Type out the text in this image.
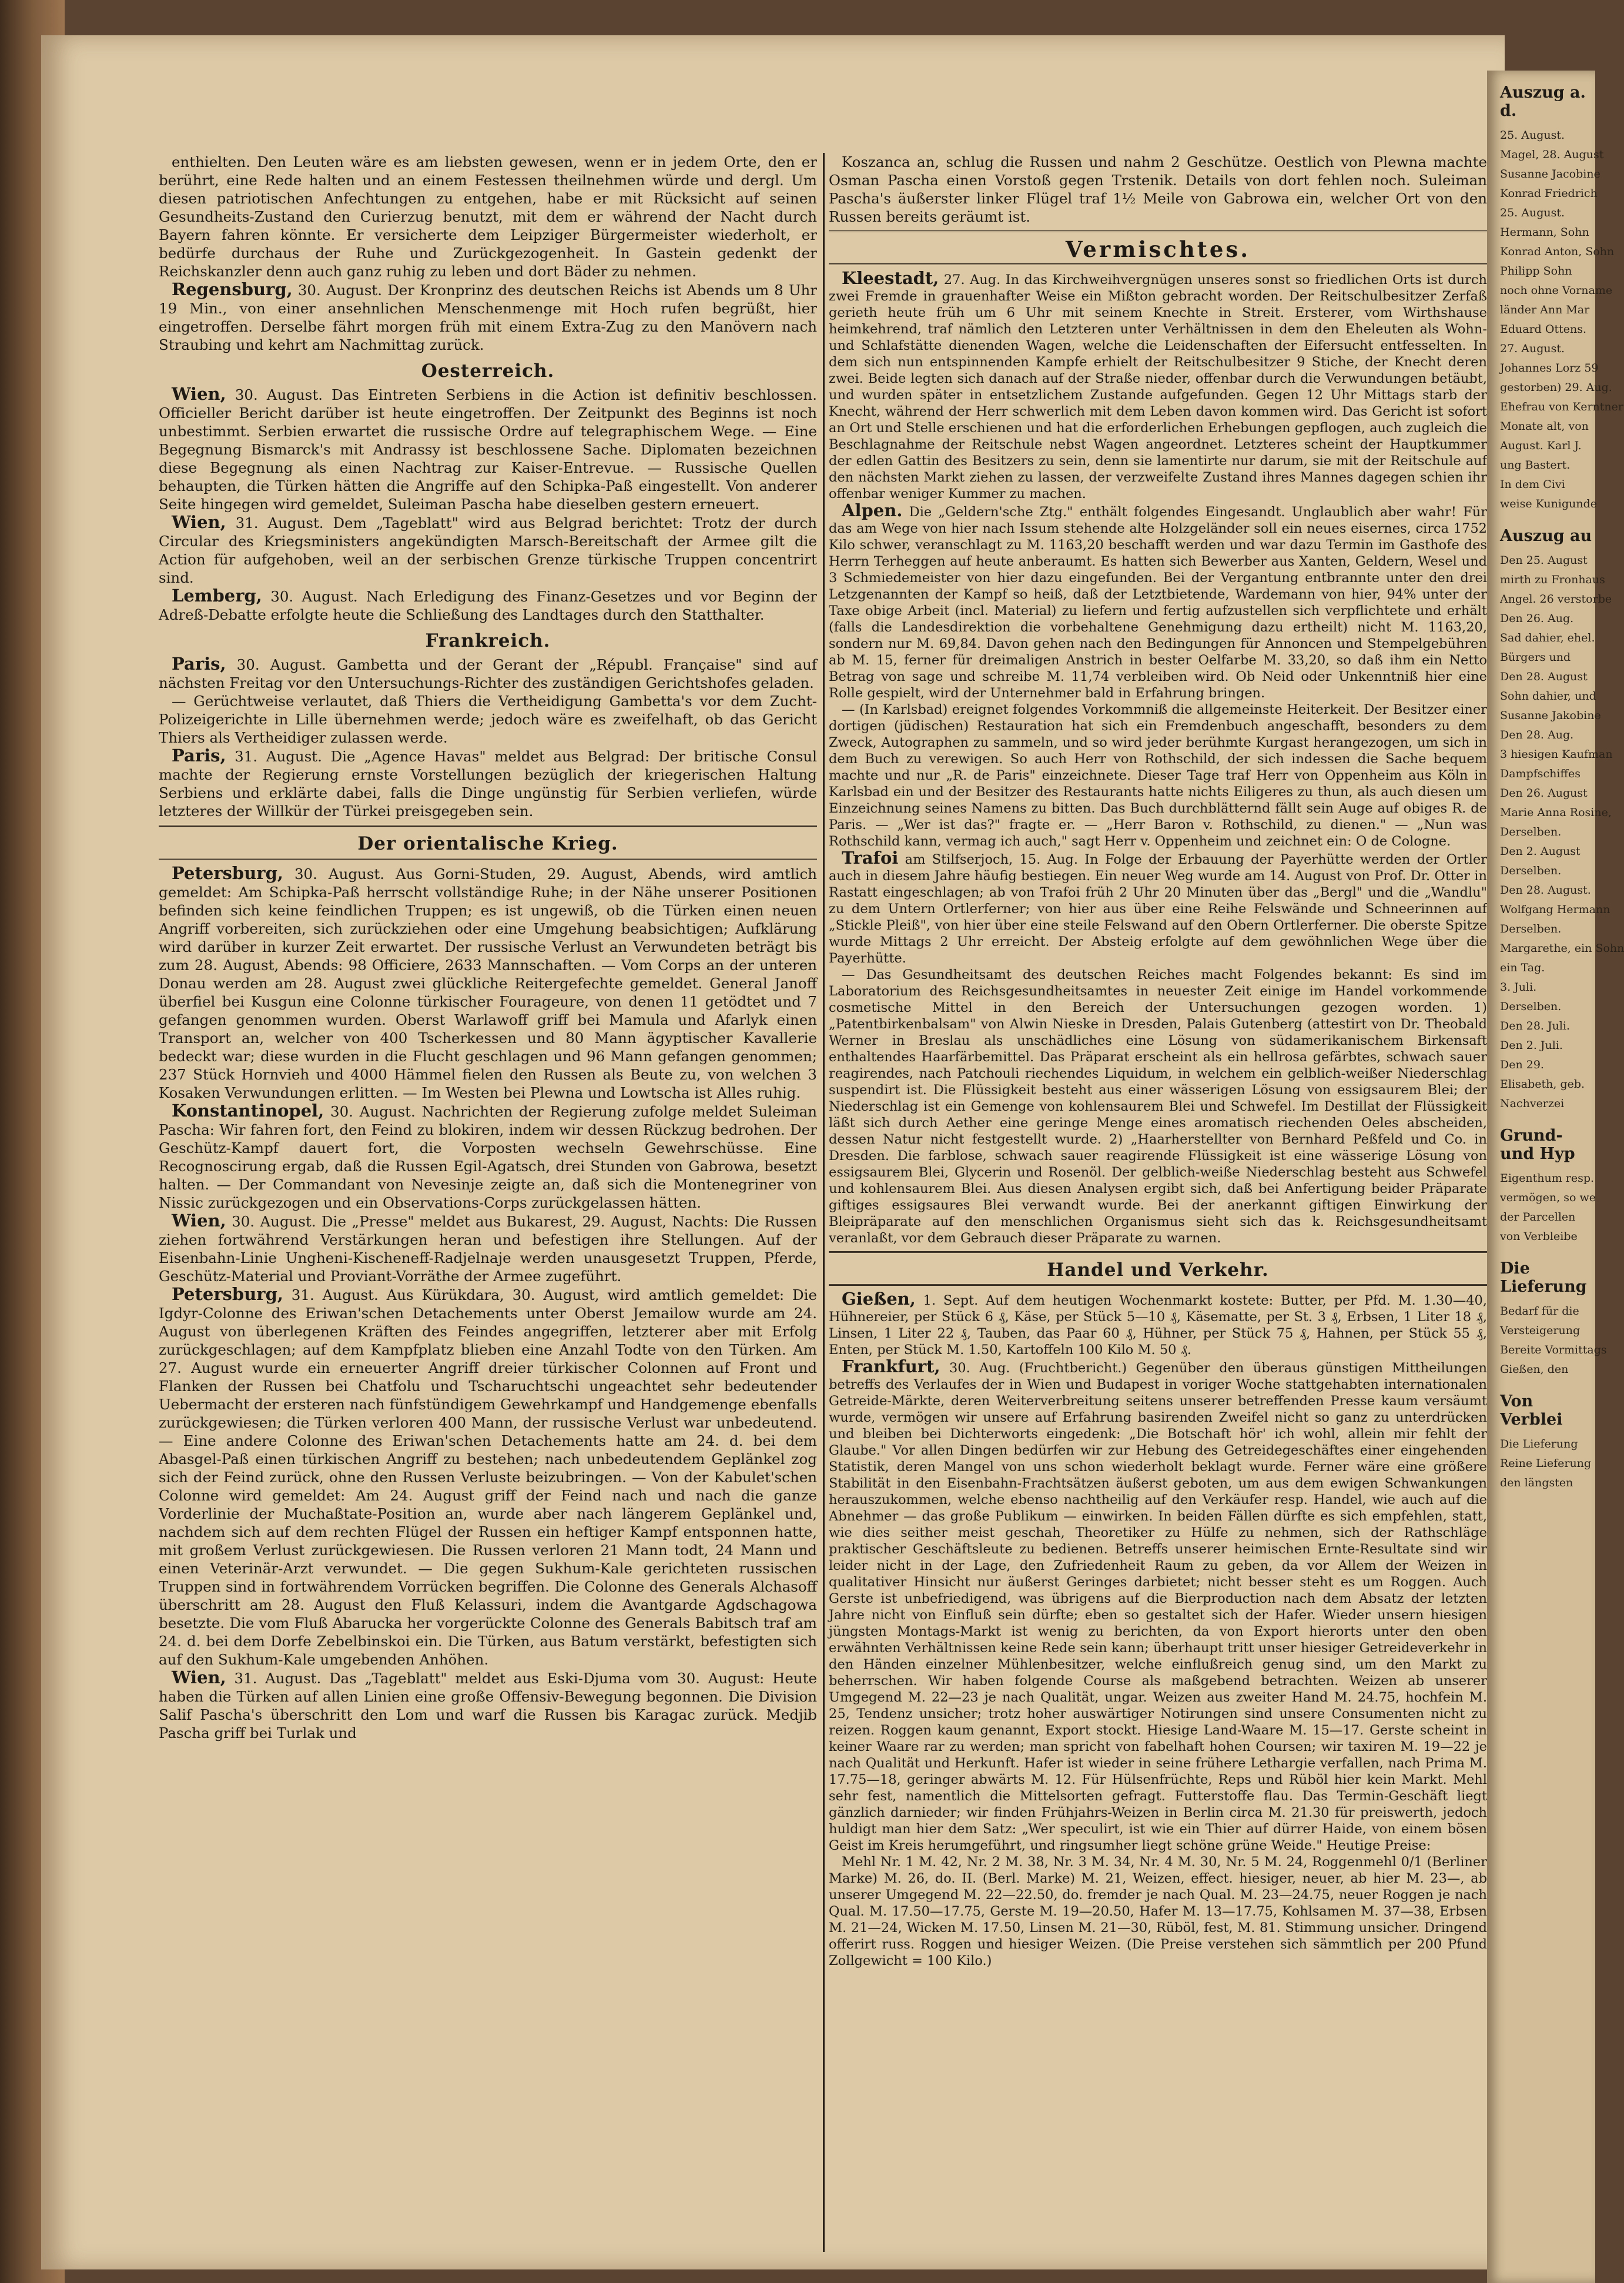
enthielten. Den Leuten wäre es am liebsten gewesen, wenn er in jedem Orte, den er berührt, eine Rede halten und an einem Festessen theilnehmen würde und dergl. Um diesen patriotischen Anfechtungen zu entgehen, habe er mit Rücksicht auf seinen Gesundheits-Zustand den Curierzug benutzt, mit dem er während der Nacht durch Bayern fahren könnte. Er versicherte dem Leipziger Bürgermeister wiederholt, er bedürfe durchaus der Ruhe und Zurückgezogenheit. In Gastein gedenkt der Reichskanzler denn auch ganz ruhig zu leben und dort Bäder zu nehmen.

Regensburg, 30. August. Der Kronprinz des deutschen Reichs ist Abends um 8 Uhr 19 Min., von einer ansehnlichen Menschenmenge mit Hoch rufen begrüßt, hier eingetroffen. Derselbe fährt morgen früh mit einem Extra-Zug zu den Manövern nach Straubing und kehrt am Nachmittag zurück.

Oesterreich.

Wien, 30. August. Das Eintreten Serbiens in die Action ist definitiv beschlossen. Officieller Bericht darüber ist heute eingetroffen. Der Zeitpunkt des Beginns ist noch unbestimmt. Serbien erwartet die russische Ordre auf telegraphischem Wege. — Eine Begegnung Bismarck's mit Andrassy ist beschlossene Sache. Diplomaten bezeichnen diese Begegnung als einen Nachtrag zur Kaiser-Entrevue. — Russische Quellen behaupten, die Türken hätten die Angriffe auf den Schipka-Paß eingestellt. Von anderer Seite hingegen wird gemeldet, Suleiman Pascha habe dieselben gestern erneuert.

Wien, 31. August. Dem „Tageblatt" wird aus Belgrad berichtet: Trotz der durch Circular des Kriegsministers angekündigten Marsch-Bereitschaft der Armee gilt die Action für aufgehoben, weil an der serbischen Grenze türkische Truppen concentrirt sind.

Lemberg, 30. August. Nach Erledigung des Finanz-Gesetzes und vor Beginn der Adreß-Debatte erfolgte heute die Schließung des Landtages durch den Statthalter.

Frankreich.

Paris, 30. August. Gambetta und der Gerant der „Républ. Française" sind auf nächsten Freitag vor den Untersuchungs-Richter des zuständigen Gerichtshofes geladen.

— Gerüchtweise verlautet, daß Thiers die Vertheidigung Gambetta's vor dem Zucht-Polizeigerichte in Lille übernehmen werde; jedoch wäre es zweifelhaft, ob das Gericht Thiers als Vertheidiger zulassen werde.

Paris, 31. August. Die „Agence Havas" meldet aus Belgrad: Der britische Consul machte der Regierung ernste Vorstellungen bezüglich der kriegerischen Haltung Serbiens und erklärte dabei, falls die Dinge ungünstig für Serbien verliefen, würde letzteres der Willkür der Türkei preisgegeben sein.

Der orientalische Krieg.

Petersburg, 30. August. Aus Gorni-Studen, 29. August, Abends, wird amtlich gemeldet: Am Schipka-Paß herrscht vollständige Ruhe; in der Nähe unserer Positionen befinden sich keine feindlichen Truppen; es ist ungewiß, ob die Türken einen neuen Angriff vorbereiten, sich zurückziehen oder eine Umgehung beabsichtigen; Aufklärung wird darüber in kurzer Zeit erwartet. Der russische Verlust an Verwundeten beträgt bis zum 28. August, Abends: 98 Officiere, 2633 Mannschaften. — Vom Corps an der unteren Donau werden am 28. August zwei glückliche Reitergefechte gemeldet. General Janoff überfiel bei Kusgun eine Colonne türkischer Fourageure, von denen 11 getödtet und 7 gefangen genommen wurden. Oberst Warlawoff griff bei Mamula und Afarlyk einen Transport an, welcher von 400 Tscherkessen und 80 Mann ägyptischer Kavallerie bedeckt war; diese wurden in die Flucht geschlagen und 96 Mann gefangen genommen; 237 Stück Hornvieh und 4000 Hämmel fielen den Russen als Beute zu, von welchen 3 Kosaken Verwundungen erlitten. — Im Westen bei Plewna und Lowtscha ist Alles ruhig.

Konstantinopel, 30. August. Nachrichten der Regierung zufolge meldet Suleiman Pascha: Wir fahren fort, den Feind zu blokiren, indem wir dessen Rückzug bedrohen. Der Geschütz-Kampf dauert fort, die Vorposten wechseln Gewehrschüsse. Eine Recognoscirung ergab, daß die Russen Egil-Agatsch, drei Stunden von Gabrowa, besetzt halten. — Der Commandant von Nevesinje zeigte an, daß sich die Montenegriner von Nissic zurückgezogen und ein Observations-Corps zurückgelassen hätten.

Wien, 30. August. Die „Presse" meldet aus Bukarest, 29. August, Nachts: Die Russen ziehen fortwährend Verstärkungen heran und befestigen ihre Stellungen. Auf der Eisenbahn-Linie Ungheni-Kischeneff-Radjelnaje werden unausgesetzt Truppen, Pferde, Geschütz-Material und Proviant-Vorräthe der Armee zugeführt.

Petersburg, 31. August. Aus Kürükdara, 30. August, wird amtlich gemeldet: Die Igdyr-Colonne des Eriwan'schen Detachements unter Oberst Jemailow wurde am 24. August von überlegenen Kräften des Feindes angegriffen, letzterer aber mit Erfolg zurückgeschlagen; auf dem Kampfplatz blieben eine Anzahl Todte von den Türken. Am 27. August wurde ein erneuerter Angriff dreier türkischer Colonnen auf Front und Flanken der Russen bei Chatfolu und Tscharuchtschi ungeachtet sehr bedeutender Uebermacht der ersteren nach fünfstündigem Gewehrkampf und Handgemenge ebenfalls zurückgewiesen; die Türken verloren 400 Mann, der russische Verlust war unbedeutend. — Eine andere Colonne des Eriwan'schen Detachements hatte am 24. d. bei dem Abasgel-Paß einen türkischen Angriff zu bestehen; nach unbedeutendem Geplänkel zog sich der Feind zurück, ohne den Russen Verluste beizubringen. — Von der Kabulet'schen Colonne wird gemeldet: Am 24. August griff der Feind nach und nach die ganze Vorderlinie der Muchaßtate-Position an, wurde aber nach längerem Geplänkel und, nachdem sich auf dem rechten Flügel der Russen ein heftiger Kampf entsponnen hatte, mit großem Verlust zurückgewiesen. Die Russen verloren 21 Mann todt, 24 Mann und einen Veterinär-Arzt verwundet. — Die gegen Sukhum-Kale gerichteten russischen Truppen sind in fortwährendem Vorrücken begriffen. Die Colonne des Generals Alchasoff überschritt am 28. August den Fluß Kelassuri, indem die Avantgarde Agdschagowa besetzte. Die vom Fluß Abarucka her vorgerückte Colonne des Generals Babitsch traf am 24. d. bei dem Dorfe Zebelbinskoi ein. Die Türken, aus Batum verstärkt, befestigten sich auf den Sukhum-Kale umgebenden Anhöhen.

Wien, 31. August. Das „Tageblatt" meldet aus Eski-Djuma vom 30. August: Heute haben die Türken auf allen Linien eine große Offensiv-Bewegung begonnen. Die Division Salif Pascha's überschritt den Lom und warf die Russen bis Karagac zurück. Medjib Pascha griff bei Turlak und

Koszanca an, schlug die Russen und nahm 2 Geschütze. Oestlich von Plewna machte Osman Pascha einen Vorstoß gegen Trstenik. Details von dort fehlen noch. Suleiman Pascha's äußerster linker Flügel traf 1½ Meile von Gabrowa ein, welcher Ort von den Russen bereits geräumt ist.

Vermischtes.

Kleestadt, 27. Aug. In das Kirchweihvergnügen unseres sonst so friedlichen Orts ist durch zwei Fremde in grauenhafter Weise ein Mißton gebracht worden. Der Reitschulbesitzer Zerfaß gerieth heute früh um 6 Uhr mit seinem Knechte in Streit. Ersterer, vom Wirthshause heimkehrend, traf nämlich den Letzteren unter Verhältnissen in dem den Eheleuten als Wohn- und Schlafstätte dienenden Wagen, welche die Leidenschaften der Eifersucht entfesselten. In dem sich nun entspinnenden Kampfe erhielt der Reitschulbesitzer 9 Stiche, der Knecht deren zwei. Beide legten sich danach auf der Straße nieder, offenbar durch die Verwundungen betäubt, und wurden später in entsetzlichem Zustande aufgefunden. Gegen 12 Uhr Mittags starb der Knecht, während der Herr schwerlich mit dem Leben davon kommen wird. Das Gericht ist sofort an Ort und Stelle erschienen und hat die erforderlichen Erhebungen gepflogen, auch zugleich die Beschlagnahme der Reitschule nebst Wagen angeordnet. Letzteres scheint der Hauptkummer der edlen Gattin des Besitzers zu sein, denn sie lamentirte nur darum, sie mit der Reitschule auf den nächsten Markt ziehen zu lassen, der verzweifelte Zustand ihres Mannes dagegen schien ihr offenbar weniger Kummer zu machen.

Alpen. Die „Geldern'sche Ztg." enthält folgendes Eingesandt. Unglaublich aber wahr! Für das am Wege von hier nach Issum stehende alte Holzgeländer soll ein neues eisernes, circa 1752 Kilo schwer, veranschlagt zu M. 1163,20 beschafft werden und war dazu Termin im Gasthofe des Herrn Terheggen auf heute anberaumt. Es hatten sich Bewerber aus Xanten, Geldern, Wesel und 3 Schmiedemeister von hier dazu eingefunden. Bei der Vergantung entbrannte unter den drei Letzgenannten der Kampf so heiß, daß der Letztbietende, Wardemann von hier, 94% unter der Taxe obige Arbeit (incl. Material) zu liefern und fertig aufzustellen sich verpflichtete und erhält (falls die Landesdirektion die vorbehaltene Genehmigung dazu ertheilt) nicht M. 1163,20, sondern nur M. 69,84. Davon gehen nach den Bedingungen für Annoncen und Stempelgebühren ab M. 15, ferner für dreimaligen Anstrich in bester Oelfarbe M. 33,20, so daß ihm ein Netto Betrag von sage und schreibe M. 11,74 verbleiben wird. Ob Neid oder Unkenntniß hier eine Rolle gespielt, wird der Unternehmer bald in Erfahrung bringen.

— (In Karlsbad) ereignet folgendes Vorkommniß die allgemeinste Heiterkeit. Der Besitzer einer dortigen (jüdischen) Restauration hat sich ein Fremdenbuch angeschafft, besonders zu dem Zweck, Autographen zu sammeln, und so wird jeder berühmte Kurgast herangezogen, um sich in dem Buch zu verewigen. So auch Herr von Rothschild, der sich indessen die Sache bequem machte und nur „R. de Paris" einzeichnete. Dieser Tage traf Herr von Oppenheim aus Köln in Karlsbad ein und der Besitzer des Restaurants hatte nichts Eiligeres zu thun, als auch diesen um Einzeichnung seines Namens zu bitten. Das Buch durchblätternd fällt sein Auge auf obiges R. de Paris. — „Wer ist das?" fragte er. — „Herr Baron v. Rothschild, zu dienen." — „Nun was Rothschild kann, vermag ich auch," sagt Herr v. Oppenheim und zeichnet ein: O de Cologne.

Trafoi am Stilfserjoch, 15. Aug. In Folge der Erbauung der Payerhütte werden der Ortler auch in diesem Jahre häufig bestiegen. Ein neuer Weg wurde am 14. August von Prof. Dr. Otter in Rastatt eingeschlagen; ab von Trafoi früh 2 Uhr 20 Minuten über das „Bergl" und die „Wandlu" zu dem Untern Ortlerferner; von hier aus über eine Reihe Felswände und Schneerinnen auf „Stickle Pleiß", von hier über eine steile Felswand auf den Obern Ortlerferner. Die oberste Spitze wurde Mittags 2 Uhr erreicht. Der Absteig erfolgte auf dem gewöhnlichen Wege über die Payerhütte.

— Das Gesundheitsamt des deutschen Reiches macht Folgendes bekannt: Es sind im Laboratorium des Reichsgesundheitsamtes in neuester Zeit einige im Handel vorkommende cosmetische Mittel in den Bereich der Untersuchungen gezogen worden. 1) „Patentbirkenbalsam" von Alwin Nieske in Dresden, Palais Gutenberg (attestirt von Dr. Theobald Werner in Breslau als unschädliches eine Lösung von südamerikanischem Birkensaft enthaltendes Haarfärbemittel. Das Präparat erscheint als ein hellrosa gefärbtes, schwach sauer reagirendes, nach Patchouli riechendes Liquidum, in welchem ein gelblich-weißer Niederschlag suspendirt ist. Die Flüssigkeit besteht aus einer wässerigen Lösung von essigsaurem Blei; der Niederschlag ist ein Gemenge von kohlensaurem Blei und Schwefel. Im Destillat der Flüssigkeit läßt sich durch Aether eine geringe Menge eines aromatisch riechenden Oeles abscheiden, dessen Natur nicht festgestellt wurde. 2) „Haarherstellter von Bernhard Peßfeld und Co. in Dresden. Die farblose, schwach sauer reagirende Flüssigkeit ist eine wässerige Lösung von essigsaurem Blei, Glycerin und Rosenöl. Der gelblich-weiße Niederschlag besteht aus Schwefel und kohlensaurem Blei. Aus diesen Analysen ergibt sich, daß bei Anfertigung beider Präparate giftiges essigsaures Blei verwandt wurde. Bei der anerkannt giftigen Einwirkung der Bleipräparate auf den menschlichen Organismus sieht sich das k. Reichsgesundheitsamt veranlaßt, vor dem Gebrauch dieser Präparate zu warnen.

Handel und Verkehr.

Gießen, 1. Sept. Auf dem heutigen Wochenmarkt kostete: Butter, per Pfd. M. 1.30—40, Hühnereier, per Stück 6 ₰, Käse, per Stück 5—10 ₰, Käsematte, per St. 3 ₰, Erbsen, 1 Liter 18 ₰, Linsen, 1 Liter 22 ₰, Tauben, das Paar 60 ₰, Hühner, per Stück 75 ₰, Hahnen, per Stück 55 ₰, Enten, per Stück M. 1.50, Kartoffeln 100 Kilo M. 50 ₰.

Frankfurt, 30. Aug. (Fruchtbericht.) Gegenüber den überaus günstigen Mittheilungen betreffs des Verlaufes der in Wien und Budapest in voriger Woche stattgehabten internationalen Getreide-Märkte, deren Weiterverbreitung seitens unserer betreffenden Presse kaum versäumt wurde, vermögen wir unsere auf Erfahrung basirenden Zweifel nicht so ganz zu unterdrücken und bleiben bei Dichterworts eingedenk: „Die Botschaft hör' ich wohl, allein mir fehlt der Glaube." Vor allen Dingen bedürfen wir zur Hebung des Getreidegeschäftes einer eingehenden Statistik, deren Mangel von uns schon wiederholt beklagt wurde. Ferner wäre eine größere Stabilität in den Eisenbahn-Frachtsätzen äußerst geboten, um aus dem ewigen Schwankungen herauszukommen, welche ebenso nachtheilig auf den Verkäufer resp. Handel, wie auch auf die Abnehmer — das große Publikum — einwirken. In beiden Fällen dürfte es sich empfehlen, statt, wie dies seither meist geschah, Theoretiker zu Hülfe zu nehmen, sich der Rathschläge praktischer Geschäftsleute zu bedienen. Betreffs unserer heimischen Ernte-Resultate sind wir leider nicht in der Lage, den Zufriedenheit Raum zu geben, da vor Allem der Weizen in qualitativer Hinsicht nur äußerst Geringes darbietet; nicht besser steht es um Roggen. Auch Gerste ist unbefriedigend, was übrigens auf die Bierproduction nach dem Absatz der letzten Jahre nicht von Einfluß sein dürfte; eben so gestaltet sich der Hafer. Wieder unsern hiesigen jüngsten Montags-Markt ist wenig zu berichten, da von Export hierorts unter den oben erwähnten Verhältnissen keine Rede sein kann; überhaupt tritt unser hiesiger Getreideverkehr in den Händen einzelner Mühlenbesitzer, welche einflußreich genug sind, um den Markt zu beherrschen. Wir haben folgende Course als maßgebend betrachten. Weizen ab unserer Umgegend M. 22—23 je nach Qualität, ungar. Weizen aus zweiter Hand M. 24.75, hochfein M. 25, Tendenz unsicher; trotz hoher auswärtiger Notirungen sind unsere Consumenten nicht zu reizen. Roggen kaum genannt, Export stockt. Hiesige Land-Waare M. 15—17. Gerste scheint in keiner Waare rar zu werden; man spricht von fabelhaft hohen Coursen; wir taxiren M. 19—22 je nach Qualität und Herkunft. Hafer ist wieder in seine frühere Lethargie verfallen, nach Prima M. 17.75—18, geringer abwärts M. 12. Für Hülsenfrüchte, Reps und Rüböl hier kein Markt. Mehl sehr fest, namentlich die Mittelsorten gefragt. Futterstoffe flau. Das Termin-Geschäft liegt gänzlich darnieder; wir finden Frühjahrs-Weizen in Berlin circa M. 21.30 für preiswerth, jedoch huldigt man hier dem Satz: „Wer speculirt, ist wie ein Thier auf dürrer Haide, von einem bösen Geist im Kreis herumgeführt, und ringsumher liegt schöne grüne Weide." Heutige Preise:

Mehl Nr. 1 M. 42, Nr. 2 M. 38, Nr. 3 M. 34, Nr. 4 M. 30, Nr. 5 M. 24, Roggenmehl 0/1 (Berliner Marke) M. 26, do. II. (Berl. Marke) M. 21, Weizen, effect. hiesiger, neuer, ab hier M. 23—, ab unserer Umgegend M. 22—22.50, do. fremder je nach Qual. M. 23—24.75, neuer Roggen je nach Qual. M. 17.50—17.75, Gerste M. 19—20.50, Hafer M. 13—17.75, Kohlsamen M. 37—38, Erbsen M. 21—24, Wicken M. 17.50, Linsen M. 21—30, Rüböl, fest, M. 81. Stimmung unsicher. Dringend offerirt russ. Roggen und hiesiger Weizen. (Die Preise verstehen sich sämmtlich per 200 Pfund Zollgewicht = 100 Kilo.)

Auszug a. d.
25. August.
Magel, 28. August
Susanne Jacobine
Konrad Friedrich
25. August.
Hermann, Sohn
Konrad Anton, Sohn
Philipp Sohn
noch ohne Vorname
länder Ann Mar
Eduard Ottens.
27. August.
Johannes Lorz 59
gestorben) 29. Aug.
Ehefrau von Kerntner
Monate alt, von
August. Karl J.
ung Bastert.
In dem Civi
weise Kunigunde
Auszug au
Den 25. August
mirth zu Fronhaus
Angel. 26 verstorbe
Den 26. Aug.
Sad dahier, ehel.
Bürgers und
Den 28. August
Sohn dahier, und
Susanne Jakobine
Den 28. Aug.
3 hiesigen Kaufman
Dampfschiffes
Den 26. August
Marie Anna Rosine,
Derselben.
Den 2. August
Derselben.
Den 28. August.
Wolfgang Hermann
Derselben.
Margarethe, ein Sohn
ein Tag.
3. Juli.
Derselben.
Den 28. Juli.
Den 2. Juli.
Den 29.
Elisabeth, geb.
Nachverzei
Grund- und Hyp
Eigenthum resp.
vermögen, so we
der Parcellen
von Verbleibe
Die Lieferung
Bedarf für die
Versteigerung
Bereite Vormittags
Gießen, den
Von Verblei
Die Lieferung
Reine Lieferung
den längsten
